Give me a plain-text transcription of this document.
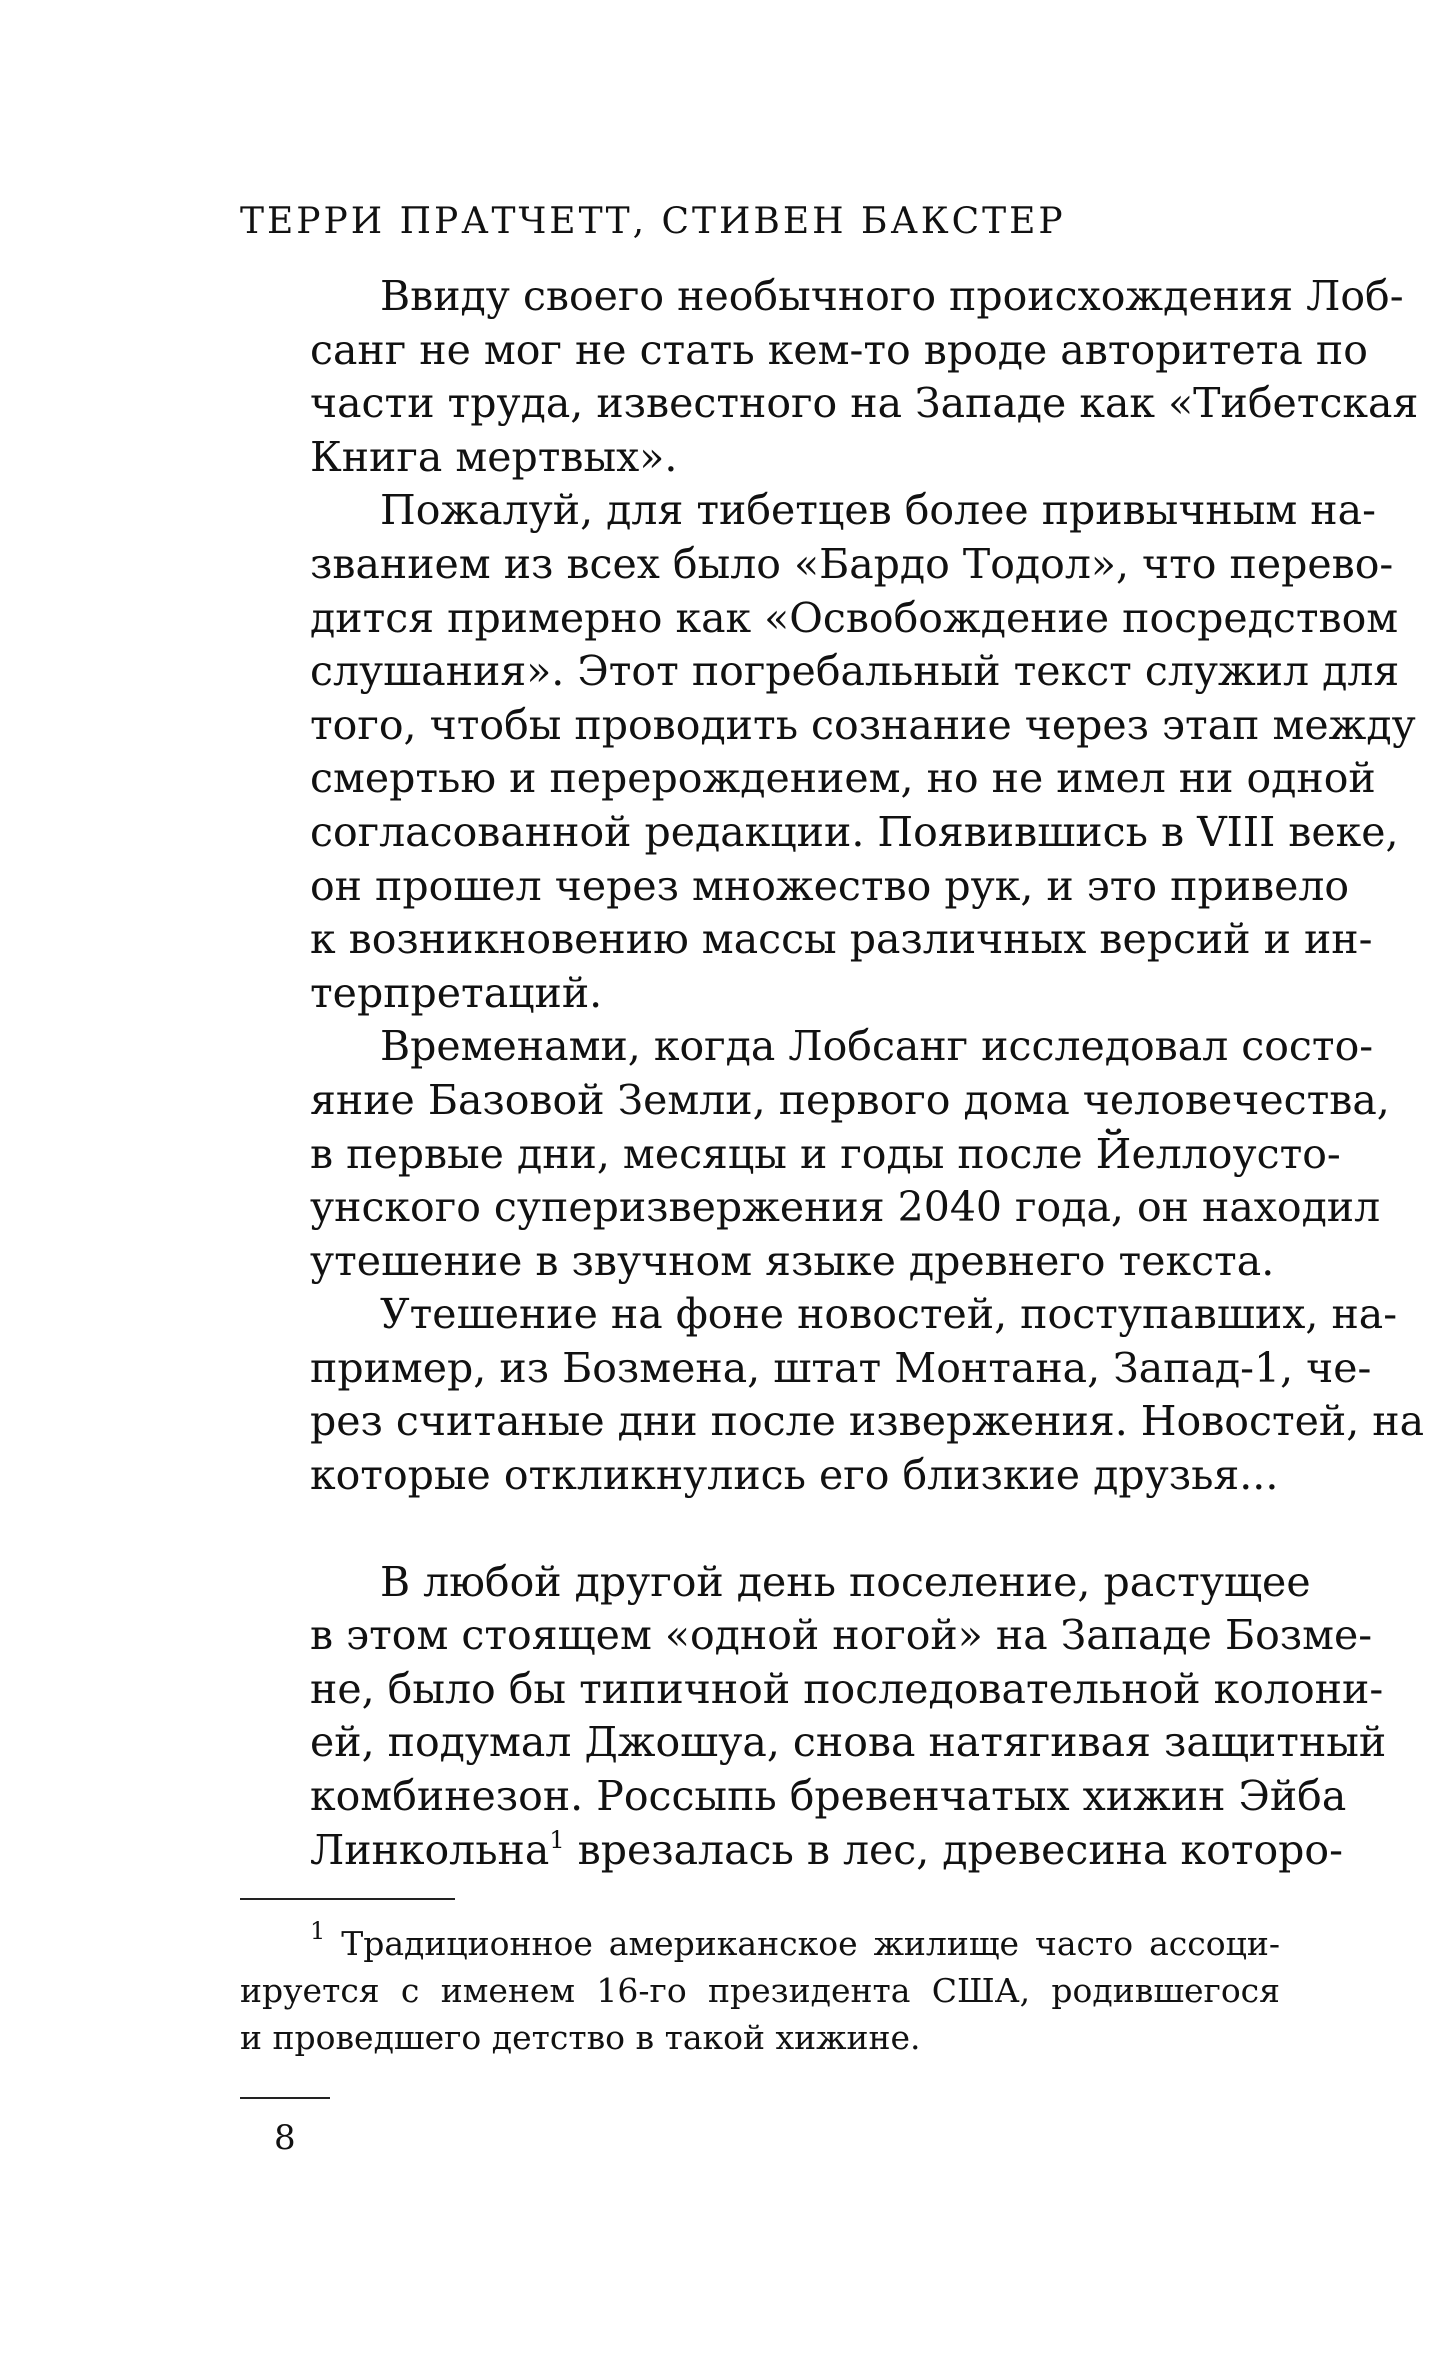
ТЕРРИ ПРАТЧЕТТ, СТИВЕН БАКСТЕР

Ввиду своего необычного происхождения Лоб-
санг не мог не стать кем-то вроде авторитета по
части труда, известного на Западе как «Тибетская
Книга мертвых».

Пожалуй, для тибетцев более привычным на-
званием из всех было «Бардо Тодол», что перево-
дится примерно как «Освобождение посредством
слушания». Этот погребальный текст служил для
того, чтобы проводить сознание через этап между
смертью и перерождением, но не имел ни одной
согласованной редакции. Появившись в VIII веке,
он прошел через множество рук, и это привело
к возникновению массы различных версий и ин-
терпретаций.

Временами, когда Лобсанг исследовал состо-
яние Базовой Земли, первого дома человечества,
в первые дни, месяцы и годы после Йеллоусто-
унского суперизвержения 2040 года, он находил
утешение в звучном языке древнего текста.

Утешение на фоне новостей, поступавших, на-
пример, из Бозмена, штат Монтана, Запад-1, че-
рез считаные дни после извержения. Новостей, на
которые откликнулись его близкие друзья...

В любой другой день поселение, растущее
в этом стоящем «одной ногой» на Западе Бозме-
не, было бы типичной последовательной колони-
ей, подумал Джошуа, снова натягивая защитный
комбинезон. Россыпь бревенчатых хижин Эйба
Линкольна$^1$ врезалась в лес, древесина которо-

$^1$ Традиционное американское жилище часто ассоци-
ируется с именем 16-го президента США, родившегося
и проведшего детство в такой хижине.
8
